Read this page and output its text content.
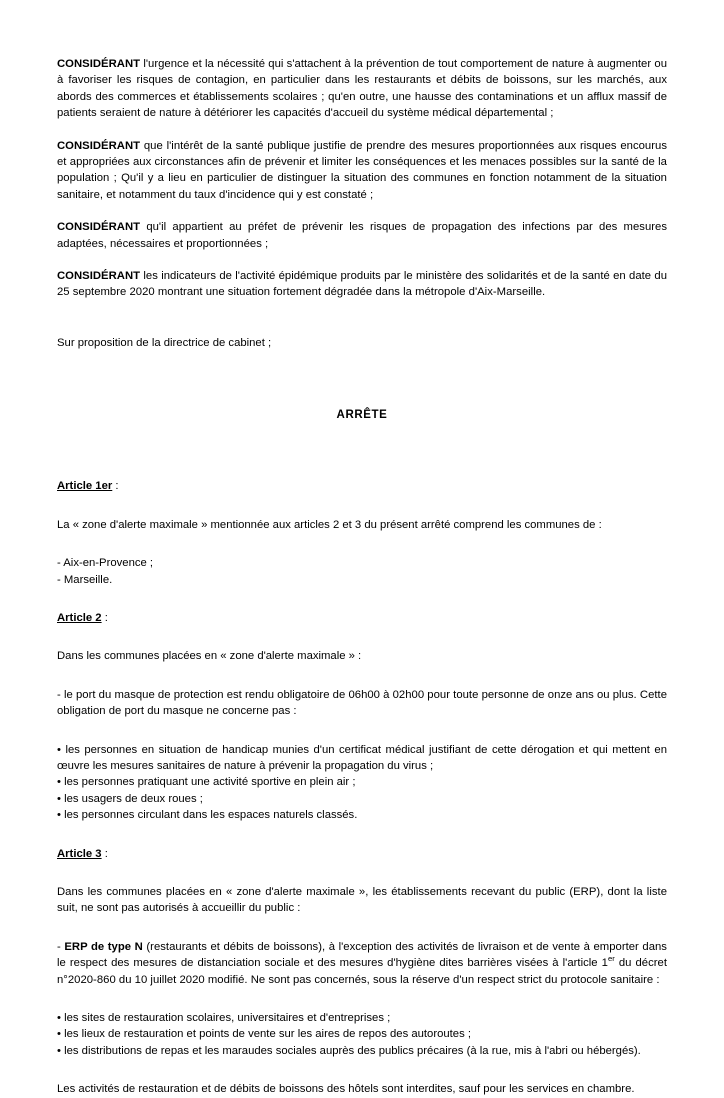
CONSIDÉRANT l'urgence et la nécessité qui s'attachent à la prévention de tout comportement de nature à augmenter ou à favoriser les risques de contagion, en particulier dans les restaurants et débits de boissons, sur les marchés, aux abords des commerces et établissements scolaires ; qu'en outre, une hausse des contaminations et un afflux massif de patients seraient de nature à détériorer les capacités d'accueil du système médical départemental ;

CONSIDÉRANT que l'intérêt de la santé publique justifie de prendre des mesures proportionnées aux risques encourus et appropriées aux circonstances afin de prévenir et limiter les conséquences et les menaces possibles sur la santé de la population ; Qu'il y a lieu en particulier de distinguer la situation des communes en fonction notamment de la situation sanitaire, et notamment du taux d'incidence qui y est constaté ;

CONSIDÉRANT qu'il appartient au préfet de prévenir les risques de propagation des infections par des mesures adaptées, nécessaires et proportionnées ;

CONSIDÉRANT les indicateurs de l'activité épidémique produits par le ministère des solidarités et de la santé en date du 25 septembre 2020 montrant une situation fortement dégradée dans la métropole d'Aix-Marseille.

Sur proposition de la directrice de cabinet ;

ARRÊTE

Article 1er :

La « zone d'alerte maximale » mentionnée aux articles 2 et 3 du présent arrêté comprend les communes de :

- Aix-en-Provence ;

- Marseille.

Article 2 :

Dans les communes placées en « zone d'alerte maximale » :

- le port du masque de protection est rendu obligatoire de 06h00 à 02h00 pour toute personne de onze ans ou plus. Cette obligation de port du masque ne concerne pas :

• les personnes en situation de handicap munies d'un certificat médical justifiant de cette dérogation et qui mettent en œuvre les mesures sanitaires de nature à prévenir la propagation du virus ;

• les personnes pratiquant une activité sportive en plein air ;

• les usagers de deux roues ;

• les personnes circulant dans les espaces naturels classés.

Article 3 :

Dans les communes placées en « zone d'alerte maximale », les établissements recevant du public (ERP), dont la liste suit, ne sont pas autorisés à accueillir du public :

- ERP de type N (restaurants et débits de boissons), à l'exception des activités de livraison et de vente à emporter dans le respect des mesures de distanciation sociale et des mesures d'hygiène dites barrières visées à l'article 1er du décret n°2020-860 du 10 juillet 2020 modifié. Ne sont pas concernés, sous la réserve d'un respect strict du protocole sanitaire :

• les sites de restauration scolaires, universitaires et d'entreprises ;

• les lieux de restauration et points de vente sur les aires de repos des autoroutes ;

• les distributions de repas et les maraudes sociales auprès des publics précaires (à la rue, mis à l'abri ou hébergés).

Les activités de restauration et de débits de boissons des hôtels sont interdites, sauf pour les services en chambre.
